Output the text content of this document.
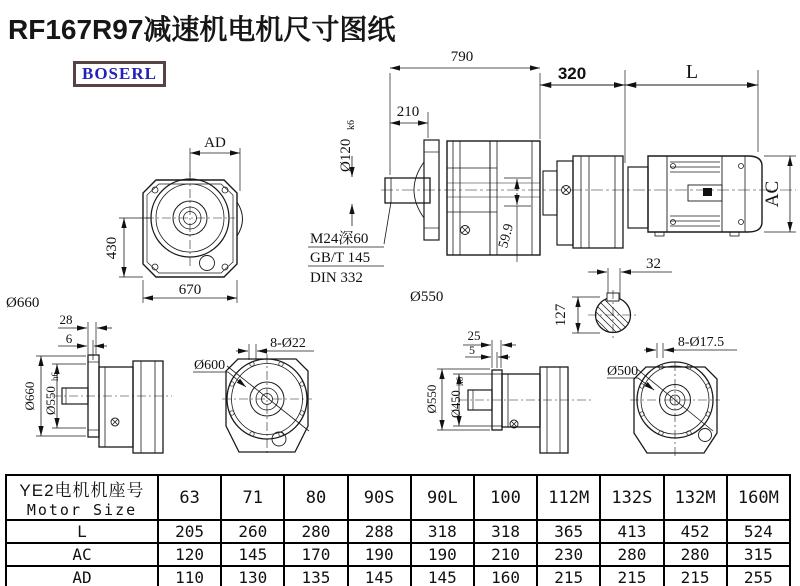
RF167R97减速机电机尺寸图纸
BOSERL
AD
430
670
790
210
Ø120
k6
M24深60
GB/T 145
DIN 332
59.9
Ø550
320	L
AC
32
127
Ø660
28
6
Ø660 Ø550
h6
8-Ø22
Ø600
25
5
Ø550 Ø450
h6
8-Ø17.5
Ø500
YE2电机机座号
Motor Size	63	71	80	90S	90L	100	112M	132S	132M	160M
L	205	260	280	288	318	318	365	413	452	524
AC	120	145	170	190	190	210	230	280	280	315
AD	110	130	135	145	145	160	215	215	215	255
